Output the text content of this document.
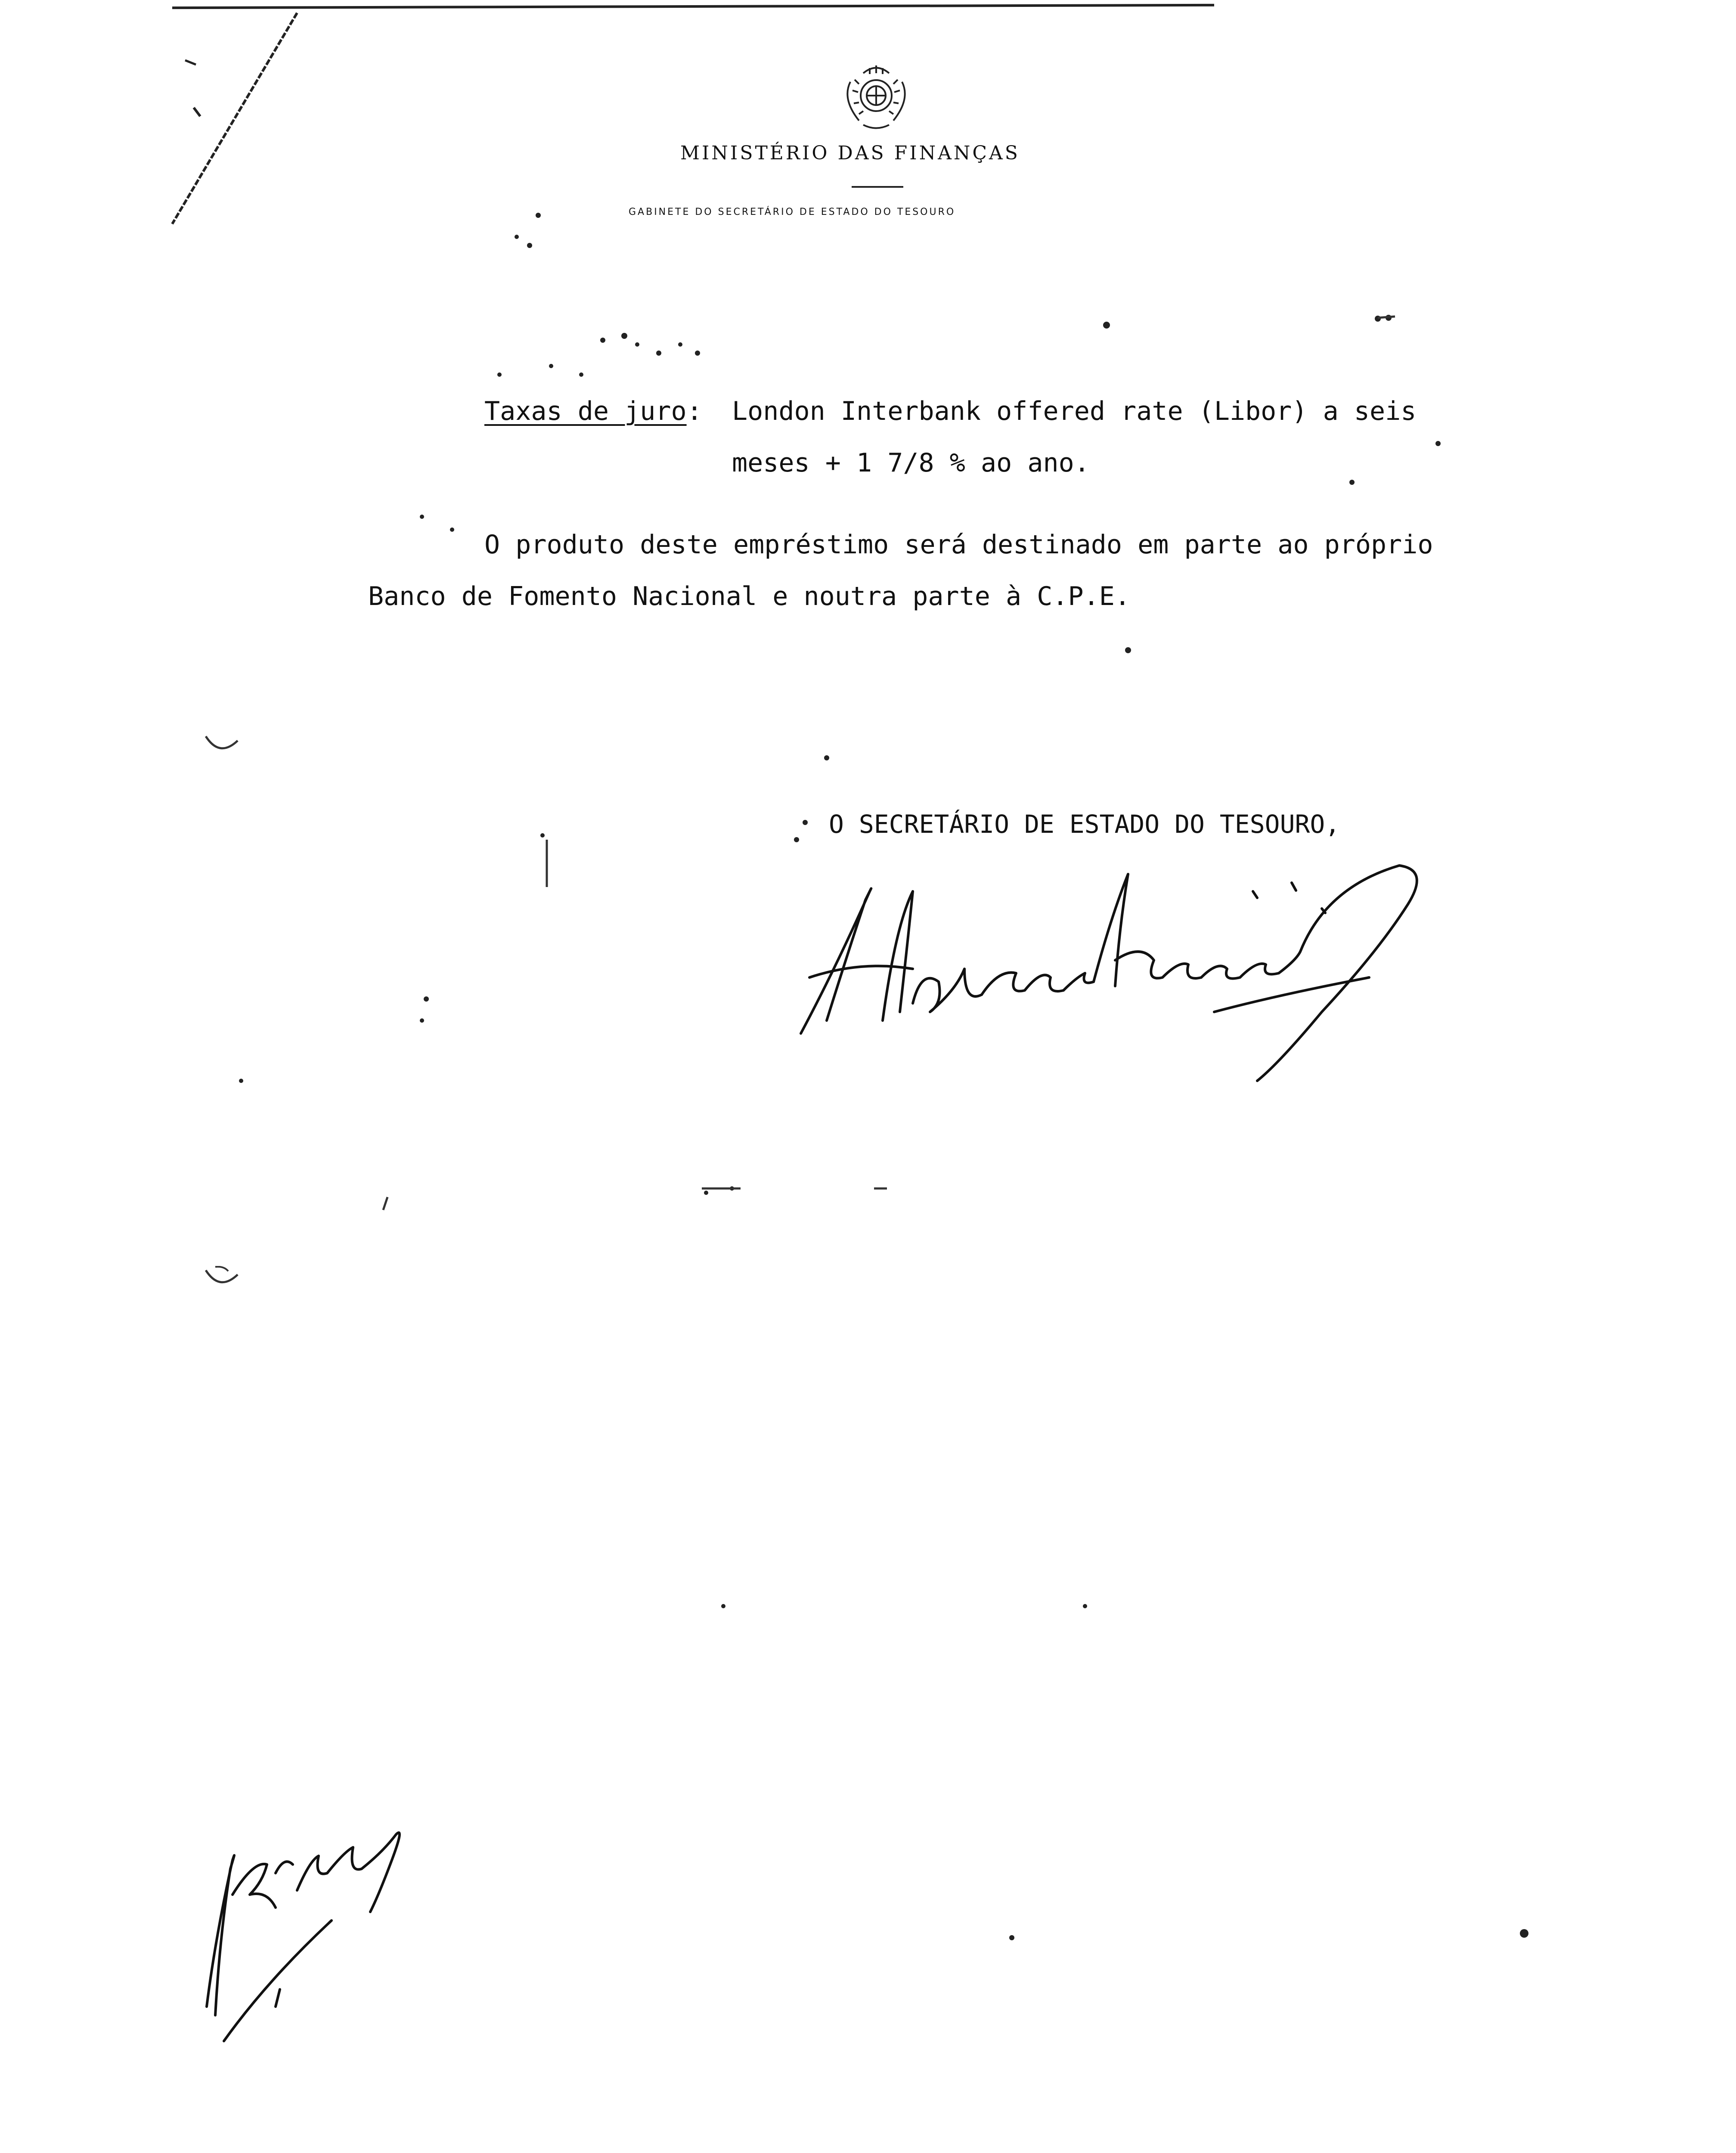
MINISTÉRIO DAS FINANÇAS
GABINETE DO SECRETÁRIO DE ESTADO DO TESOURO
Taxas de juro : London Interbank offered rate (Libor) a seis
meses + 1 7/8 % ao ano.
O produto deste empréstimo será destinado em parte ao próprio
Banco de Fomento Nacional e noutra parte à C.P.E.
O SECRETÁRIO DE ESTADO DO TESOURO,
